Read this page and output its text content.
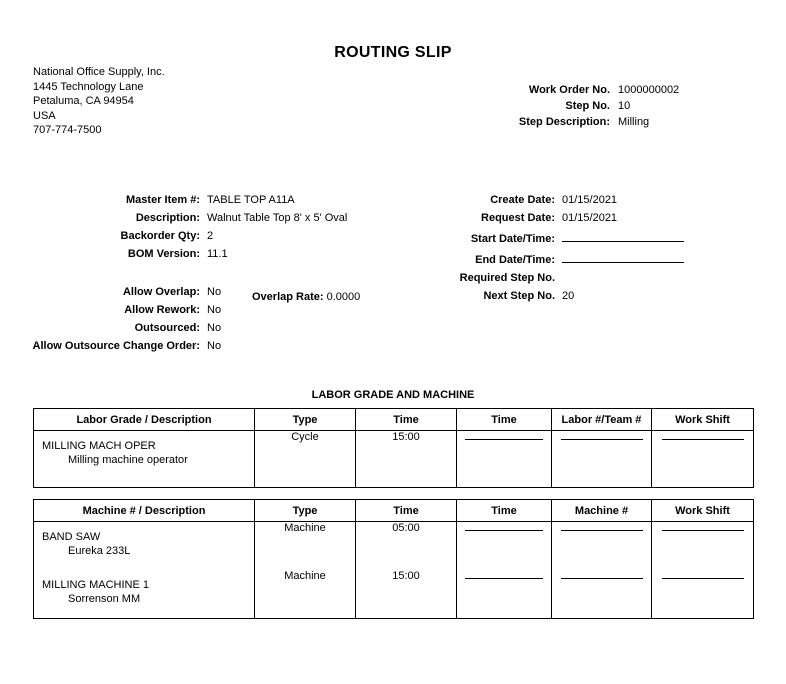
ROUTING SLIP
National Office Supply, Inc.
1445 Technology Lane
Petaluma, CA 94954
USA
707-774-7500
Work Order No. 1000000002
Step No. 10
Step Description: Milling
Master Item #: TABLE TOP A11A
Description: Walnut Table Top 8' x 5' Oval
Backorder Qty: 2
BOM Version: 11.1
Allow Overlap: No
Allow Rework: No
Outsourced: No
Allow Outsource Change Order: No
Overlap Rate: 0.0000
Create Date: 01/15/2021
Request Date: 01/15/2021
Start Date/Time:
End Date/Time:
Required Step No.
Next Step No. 20
LABOR GRADE AND MACHINE
Labor Grade / Description	Type	Time	Time	Labor #/Team #	Work Shift

MILLING MACH OPER
Milling machine operator	Cycle	15:00			
Machine # / Description	Type	Time	Time	Machine #	Work Shift

BAND SAW
Eureka 233L	Machine	05:00			

MILLING MACHINE 1
Sorrenson MM	Machine	15:00			
